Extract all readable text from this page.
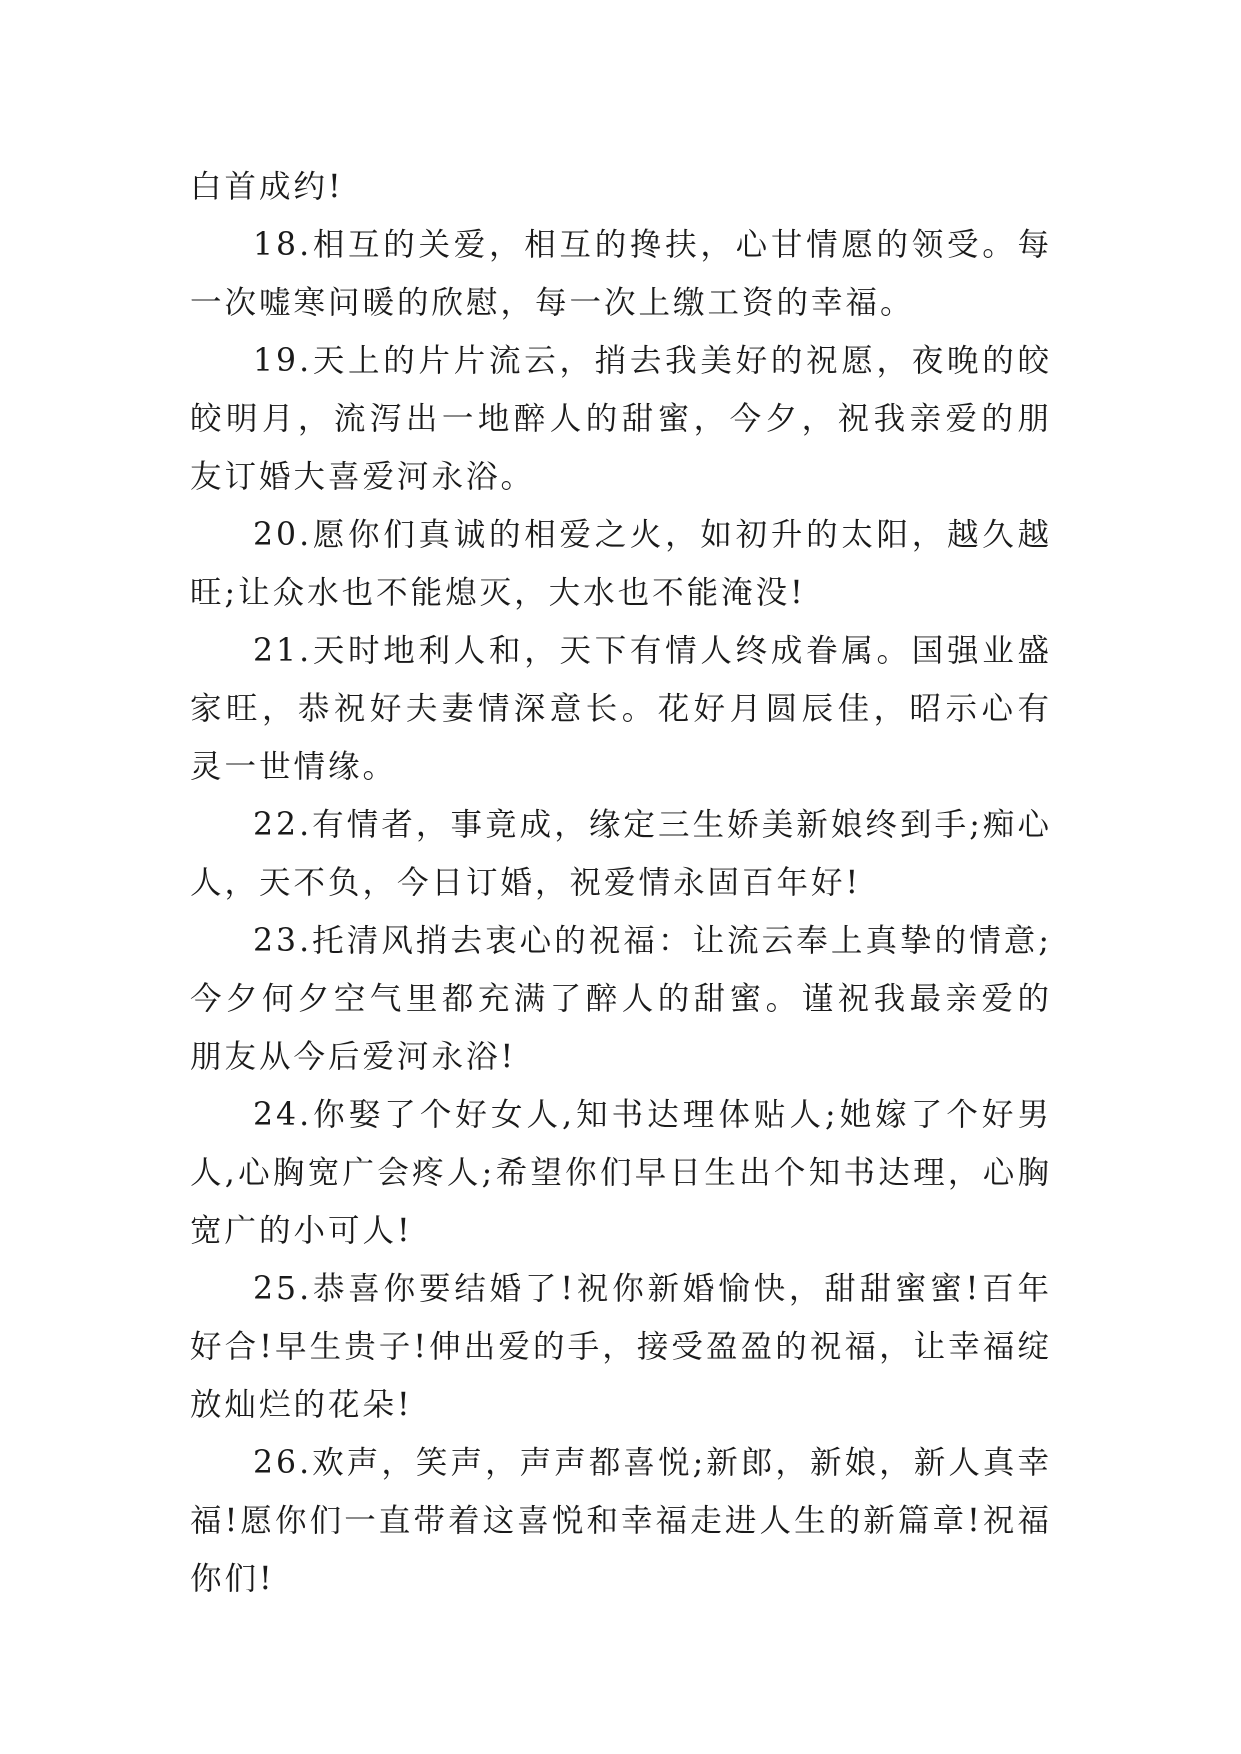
白首成约!

18.相互的关爱，相互的搀扶，心甘情愿的领受。每一次嘘寒问暖的欣慰，每一次上缴工资的幸福。

19.天上的片片流云，捎去我美好的祝愿，夜晚的皎皎明月，流泻出一地醉人的甜蜜，今夕，祝我亲爱的朋友订婚大喜爱河永浴。

20.愿你们真诚的相爱之火，如初升的太阳，越久越旺;让众水也不能熄灭，大水也不能淹没!

21.天时地利人和，天下有情人终成眷属。国强业盛家旺，恭祝好夫妻情深意长。花好月圆辰佳，昭示心有灵一世情缘。

22.有情者，事竟成，缘定三生娇美新娘终到手;痴心人，天不负，今日订婚，祝爱情永固百年好!

23.托清风捎去衷心的祝福：让流云奉上真挚的情意;今夕何夕空气里都充满了醉人的甜蜜。谨祝我最亲爱的朋友从今后爱河永浴!

24.你娶了个好女人,知书达理体贴人;她嫁了个好男人,心胸宽广会疼人;希望你们早日生出个知书达理，心胸宽广的小可人!

25.恭喜你要结婚了!祝你新婚愉快，甜甜蜜蜜!百年好合!早生贵子!伸出爱的手，接受盈盈的祝福，让幸福绽放灿烂的花朵!

26.欢声，笑声，声声都喜悦;新郎，新娘，新人真幸福!愿你们一直带着这喜悦和幸福走进人生的新篇章!祝福你们!
